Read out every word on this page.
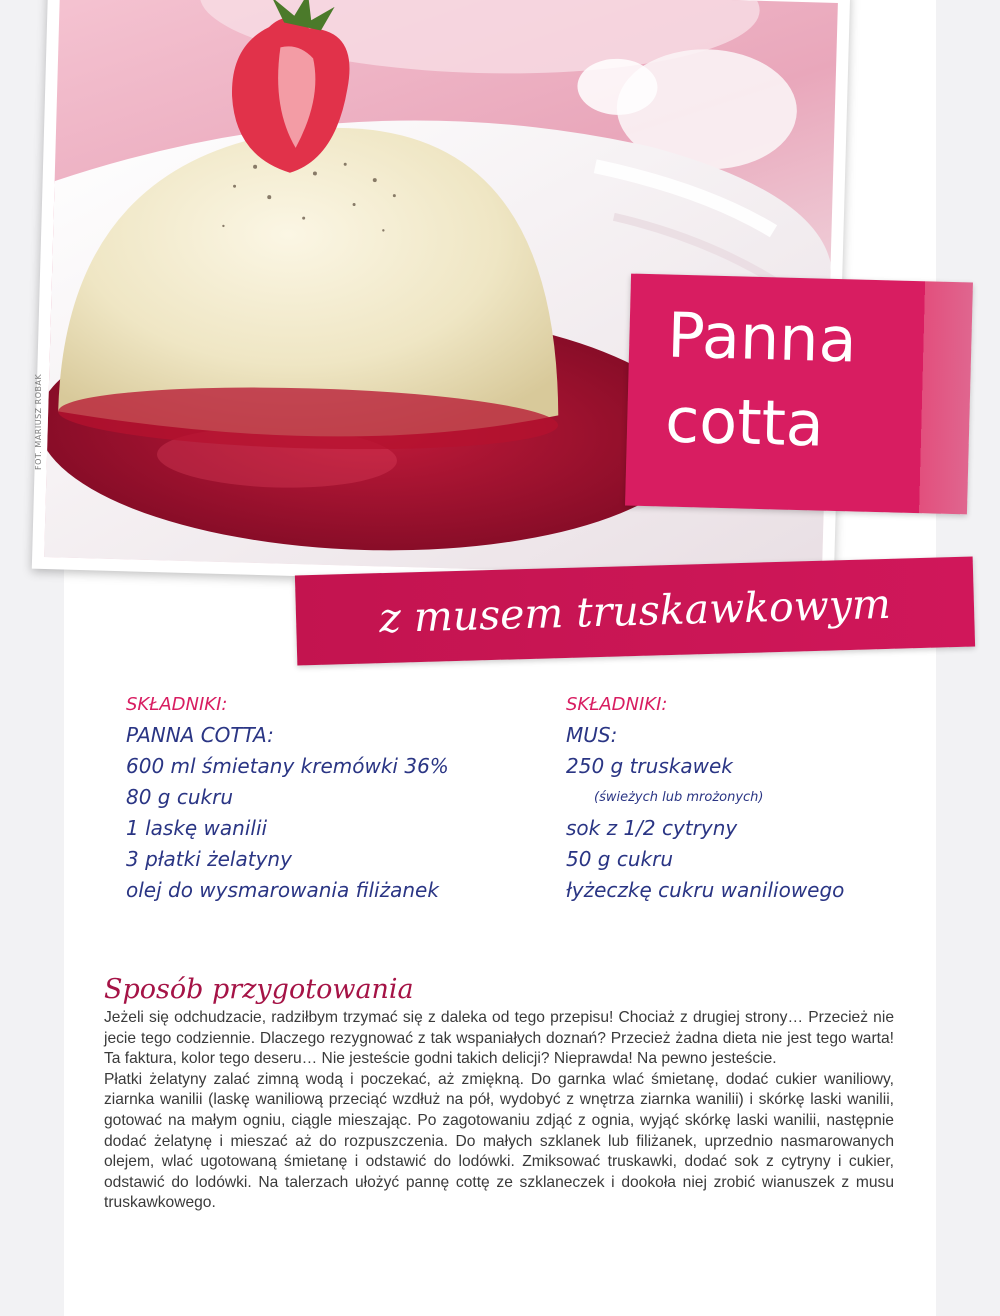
FOT. MARIUSZ ROBAK
Panna
cotta
z musem truskawkowym
SKŁADNIKI:
PANNA COTTA:
600 ml śmietany kremówki 36%
80 g cukru
1 laskę wanilii
3 płatki żelatyny
olej do wysmarowania filiżanek
SKŁADNIKI:
MUS:
250 g truskawek
(świeżych lub mrożonych)
sok z 1/2 cytryny
50 g cukru
łyżeczkę cukru waniliowego
Sposób przygotowania

Jeżeli się odchudzacie, radziłbym trzymać się z daleka od tego przepisu! Chociaż z drugiej strony… Przecież nie jecie tego codziennie. Dlaczego rezygnować z tak wspaniałych doznań? Przecież żadna dieta nie jest tego warta! Ta faktura, kolor tego deseru… Nie jesteście godni takich delicji? Nieprawda! Na pewno jesteście.

Płatki żelatyny zalać zimną wodą i poczekać, aż zmiękną. Do garnka wlać śmietanę, dodać cukier waniliowy, ziarnka wanilii (laskę waniliową przeciąć wzdłuż na pół, wydobyć z wnętrza ziarnka wanilii) i skórkę laski wanilii, gotować na małym ogniu, ciągle mieszając. Po zagotowaniu zdjąć z ognia, wyjąć skórkę laski wanilii, następnie dodać żelatynę i mieszać aż do rozpuszczenia. Do małych szklanek lub filiżanek, uprzednio nasmarowanych olejem, wlać ugotowaną śmietanę i odstawić do lodówki. Zmiksować truskawki, dodać sok z cytryny i cukier, odstawić do lodówki. Na talerzach ułożyć pannę cottę ze szklaneczek i dookoła niej zrobić wianuszek z musu truskawkowego.
